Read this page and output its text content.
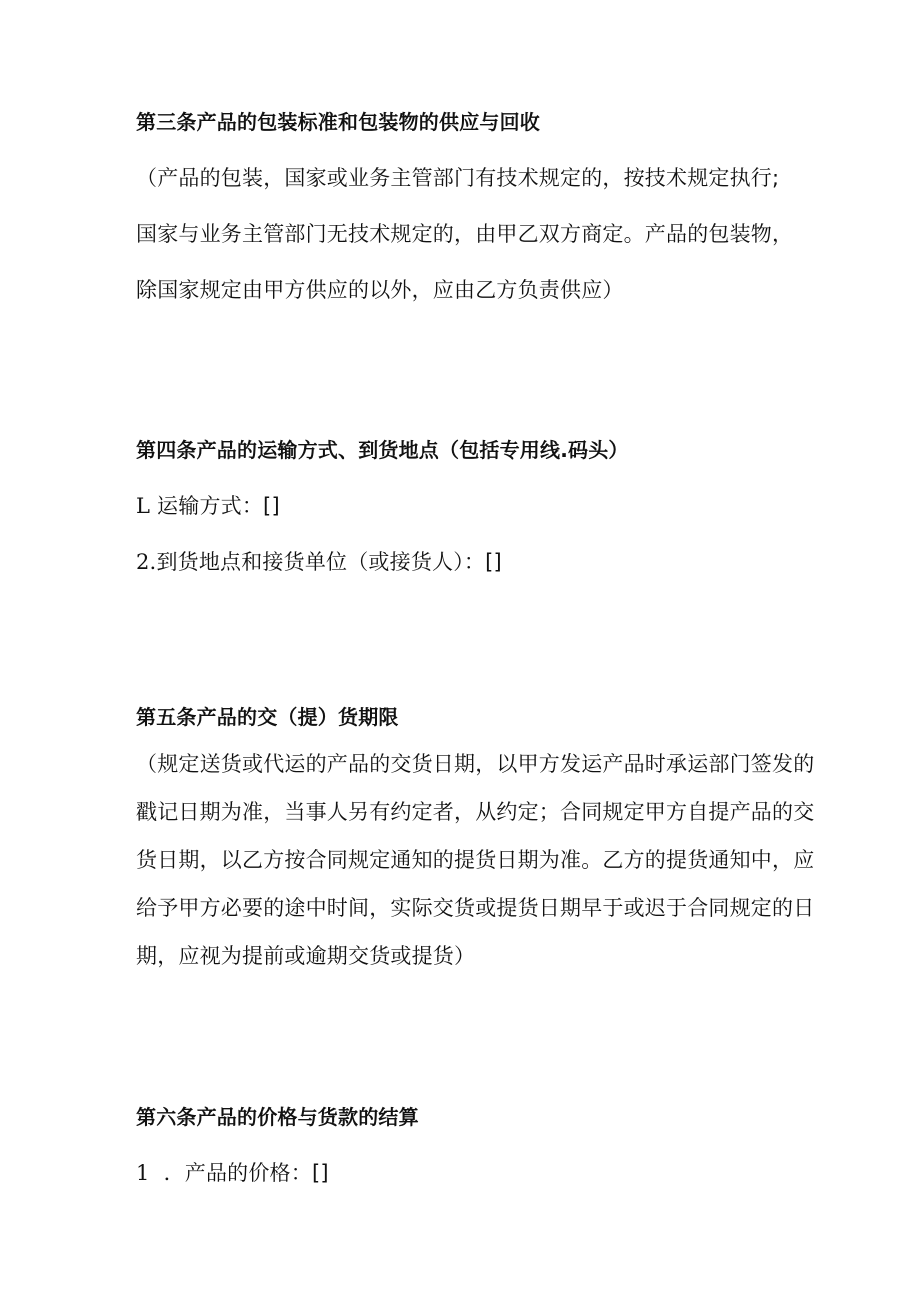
第三条产品的包装标准和包装物的供应与回收
（产品的包装，国家或业务主管部门有技术规定的，按技术规定执行;
国家与业务主管部门无技术规定的，由甲乙双方商定。产品的包装物，
除国家规定由甲方供应的以外，应由乙方负责供应）
第四条产品的运输方式、到货地点（包括专用线.码头）
L 运输方式：[]
2.到货地点和接货单位（或接货人）：[]
第五条产品的交（提）货期限
（规定送货或代运的产品的交货日期，以甲方发运产品时承运部门签发的
戳记日期为准，当事人另有约定者，从约定；合同规定甲方自提产品的交
货日期，以乙方按合同规定通知的提货日期为准。乙方的提货通知中，应
给予甲方必要的途中时间，实际交货或提货日期早于或迟于合同规定的日
期，应视为提前或逾期交货或提货）
第六条产品的价格与货款的结算
1 ．产品的价格：[]
